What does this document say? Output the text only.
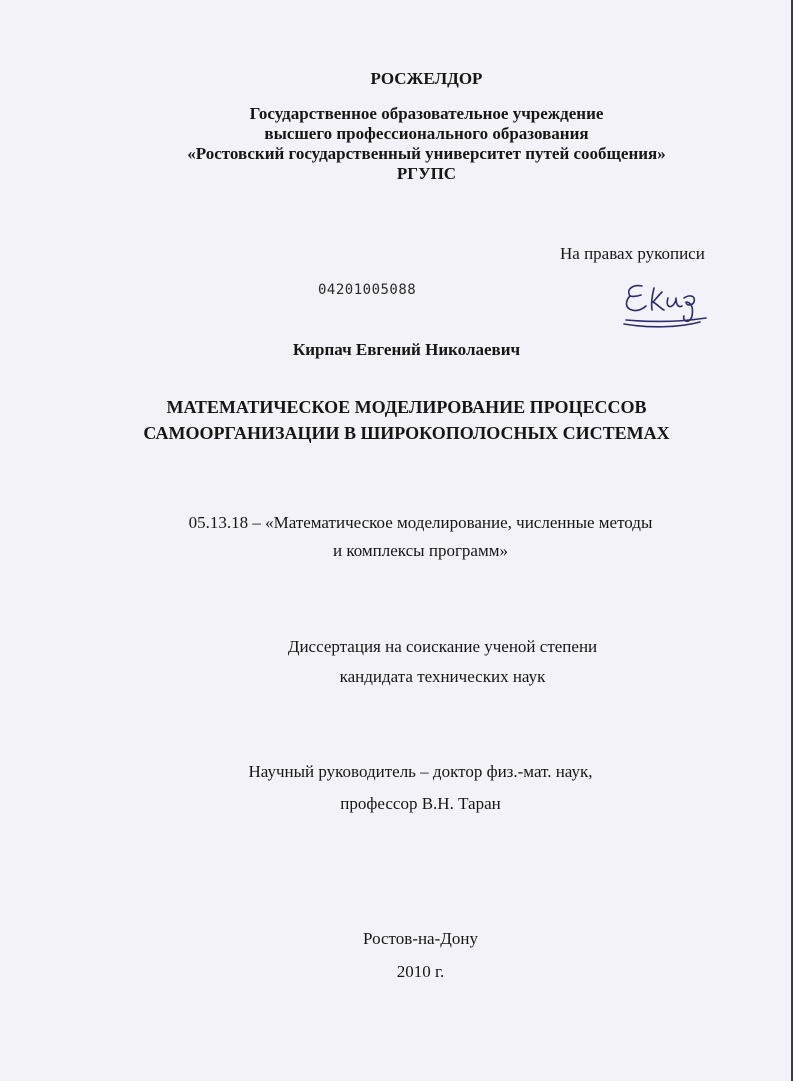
РОСЖЕЛДОР
Государственное образовательное учреждение
высшего профессионального образования
«Ростовский государственный университет путей сообщения»
РГУПС
На правах рукописи
04201005088
Кирпач Евгений Николаевич
МАТЕМАТИЧЕСКОЕ МОДЕЛИРОВАНИЕ ПРОЦЕССОВ
САМООРГАНИЗАЦИИ В ШИРОКОПОЛОСНЫХ СИСТЕМАХ
05.13.18 – «Математическое моделирование, численные методы
и комплексы программ»
Диссертация на соискание ученой степени
кандидата технических наук
Научный руководитель – доктор физ.-мат. наук,
профессор В.Н. Таран
Ростов-на-Дону
2010 г.
